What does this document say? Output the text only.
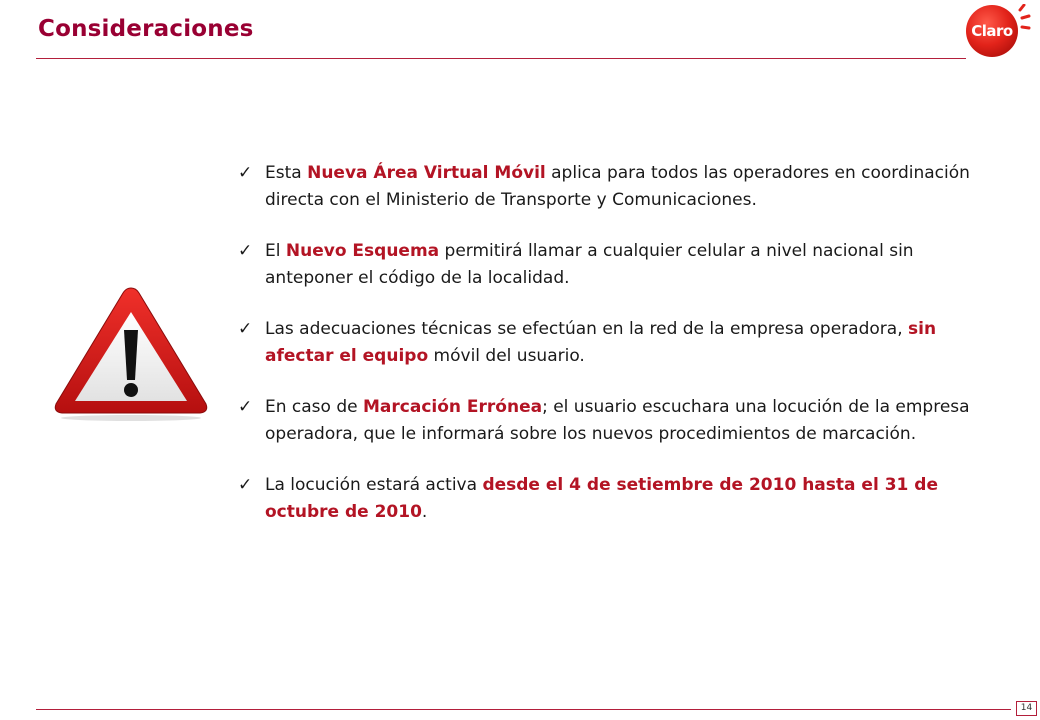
Consideraciones	Claro
✓ Esta Nueva Área Virtual Móvil aplica para todos las operadores en coordinación directa con el Ministerio de Transporte y Comunicaciones.
✓ El Nuevo Esquema permitirá llamar a cualquier celular a nivel nacional sin anteponer el código de la localidad.
✓ Las adecuaciones técnicas se efectúan en la red de la empresa operadora, sin afectar el equipo móvil del usuario.
✓ En caso de Marcación Errónea; el usuario escuchara una locución de la empresa operadora, que le informará sobre los nuevos procedimientos de marcación.
✓ La locución estará activa desde el 4 de setiembre de 2010 hasta el 31 de octubre de 2010.
14
